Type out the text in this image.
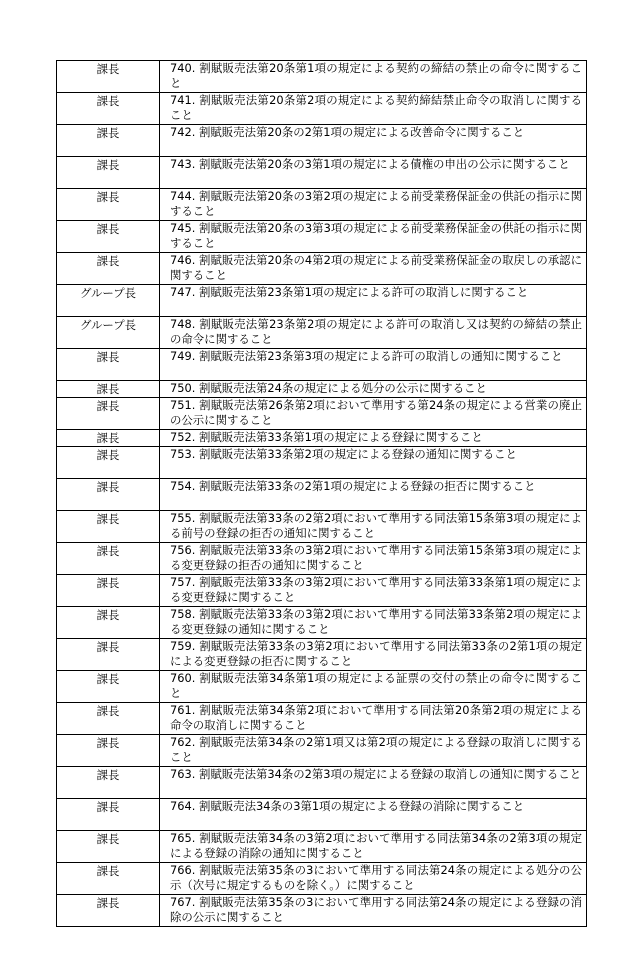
課長	740. 割賦販売法第20条第1項の規定による契約の締結の禁止の命令に関すること
課長	741. 割賦販売法第20条第2項の規定による契約締結禁止命令の取消しに関すること
課長	742. 割賦販売法第20条の2第1項の規定による改善命令に関すること
課長	743. 割賦販売法第20条の3第1項の規定による債権の申出の公示に関すること
課長	744. 割賦販売法第20条の3第2項の規定による前受業務保証金の供託の指示に関すること
課長	745. 割賦販売法第20条の3第3項の規定による前受業務保証金の供託の指示に関すること
課長	746. 割賦販売法第20条の4第2項の規定による前受業務保証金の取戻しの承認に関すること
グループ長	747. 割賦販売法第23条第1項の規定による許可の取消しに関すること
グループ長	748. 割賦販売法第23条第2項の規定による許可の取消し又は契約の締結の禁止の命令に関すること
課長	749. 割賦販売法第23条第3項の規定による許可の取消しの通知に関すること
課長	750. 割賦販売法第24条の規定による処分の公示に関すること
課長	751. 割賦販売法第26条第2項において準用する第24条の規定による営業の廃止の公示に関すること
課長	752. 割賦販売法第33条第1項の規定による登録に関すること
課長	753. 割賦販売法第33条第2項の規定による登録の通知に関すること
課長	754. 割賦販売法第33条の2第1項の規定による登録の拒否に関すること
課長	755. 割賦販売法第33条の2第2項において準用する同法第15条第3項の規定による前号の登録の拒否の通知に関すること
課長	756. 割賦販売法第33条の3第2項において準用する同法第15条第3項の規定による変更登録の拒否の通知に関すること
課長	757. 割賦販売法第33条の3第2項において準用する同法第33条第1項の規定による変更登録に関すること
課長	758. 割賦販売法第33条の3第2項において準用する同法第33条第2項の規定による変更登録の通知に関すること
課長	759. 割賦販売法第33条の3第2項において準用する同法第33条の2第1項の規定による変更登録の拒否に関すること
課長	760. 割賦販売法第34条第1項の規定による証票の交付の禁止の命令に関すること
課長	761. 割賦販売法第34条第2項において準用する同法第20条第2項の規定による命令の取消しに関すること
課長	762. 割賦販売法第34条の2第1項又は第2項の規定による登録の取消しに関すること
課長	763. 割賦販売法第34条の2第3項の規定による登録の取消しの通知に関すること
課長	764. 割賦販売法34条の3第1項の規定による登録の消除に関すること
課長	765. 割賦販売法第34条の3第2項において準用する同法第34条の2第3項の規定による登録の消除の通知に関すること
課長	766. 割賦販売法第35条の3において準用する同法第24条の規定による処分の公示（次号に規定するものを除く。）に関すること
課長	767. 割賦販売法第35条の3において準用する同法第24条の規定による登録の消除の公示に関すること
